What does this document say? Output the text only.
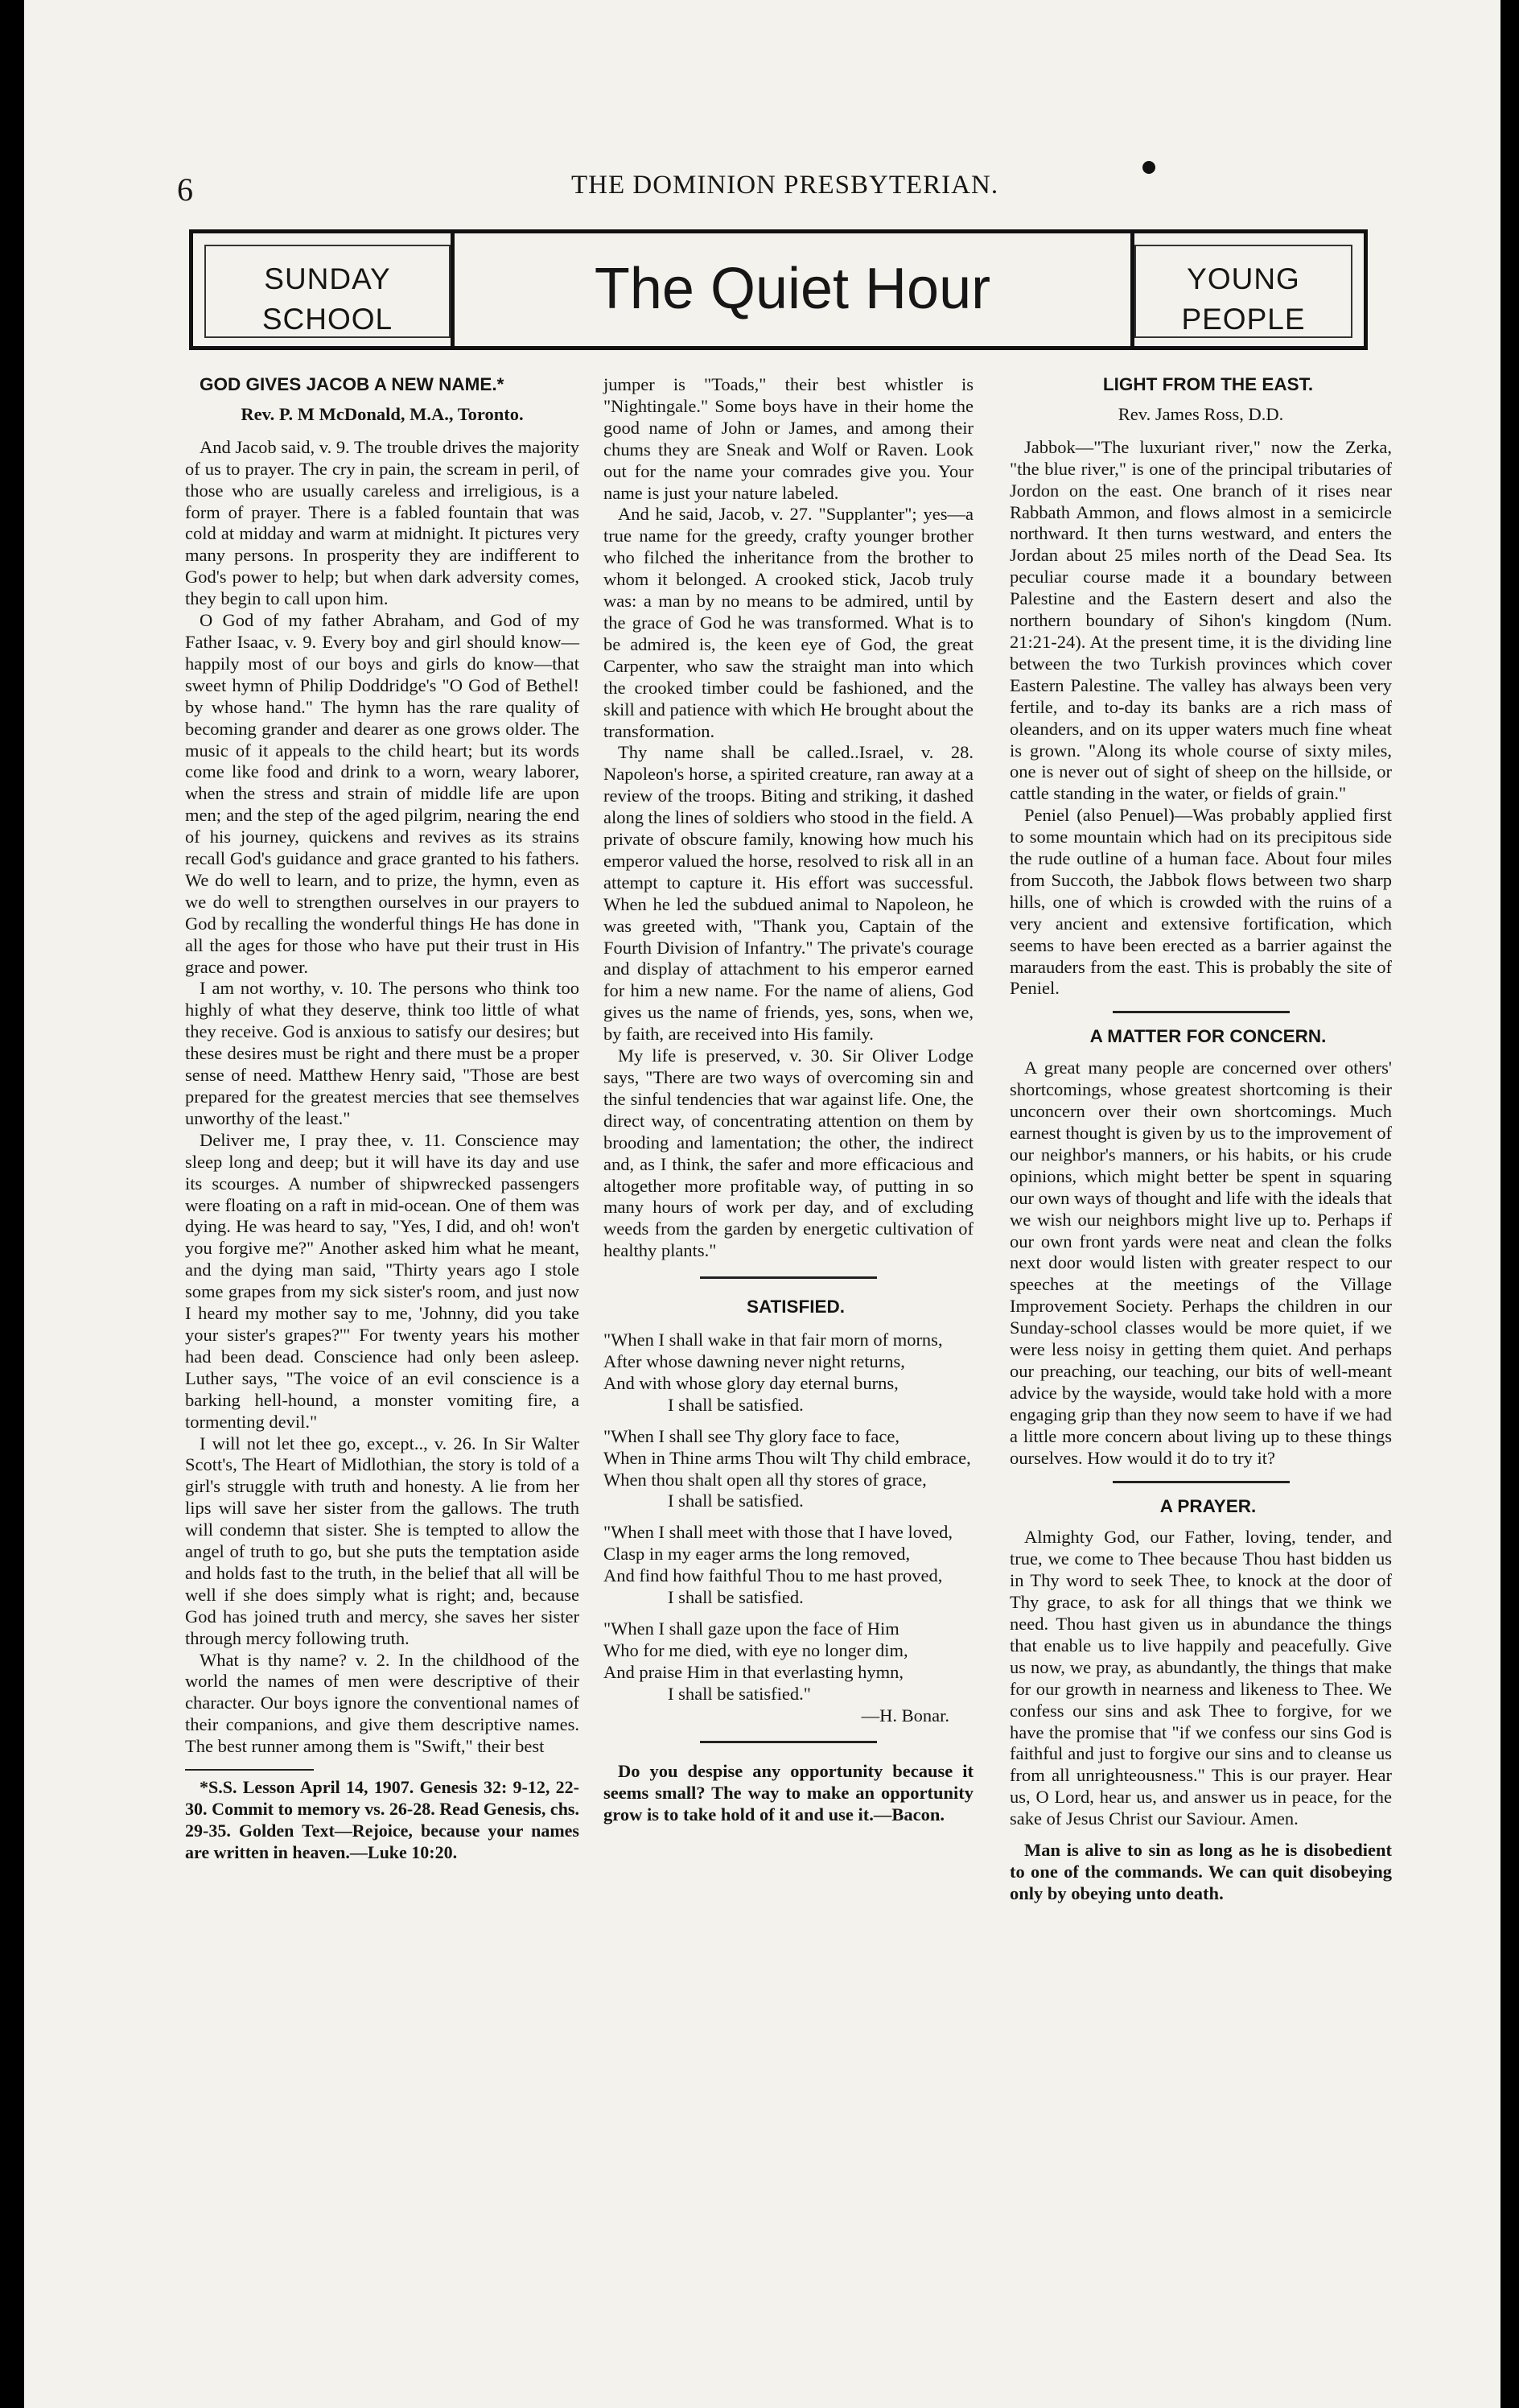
6	THE DOMINION PRESBYTERIAN.
SUNDAY
SCHOOL	The Quiet Hour	YOUNG
PEOPLE

GOD GIVES JACOB A NEW NAME.*

Rev. P. M McDonald, M.A., Toronto.

And Jacob said, v. 9. The trouble drives the majority of us to prayer. The cry in pain, the scream in peril, of those who are usually careless and irreligious, is a form of prayer. There is a fabled fountain that was cold at midday and warm at midnight. It pictures very many persons. In prosperity they are indifferent to God's power to help; but when dark adversity comes, they begin to call upon him.

O God of my father Abraham, and God of my Father Isaac, v. 9. Every boy and girl should know—happily most of our boys and girls do know—that sweet hymn of Philip Doddridge's "O God of Bethel! by whose hand." The hymn has the rare quality of becoming grander and dearer as one grows older. The music of it appeals to the child heart; but its words come like food and drink to a worn, weary laborer, when the stress and strain of middle life are upon men; and the step of the aged pilgrim, nearing the end of his journey, quickens and revives as its strains recall God's guidance and grace granted to his fathers. We do well to learn, and to prize, the hymn, even as we do well to strengthen ourselves in our prayers to God by recalling the wonderful things He has done in all the ages for those who have put their trust in His grace and power.

I am not worthy, v. 10. The persons who think too highly of what they deserve, think too little of what they receive. God is anxious to satisfy our desires; but these desires must be right and there must be a proper sense of need. Matthew Henry said, "Those are best prepared for the greatest mercies that see themselves unworthy of the least."

Deliver me, I pray thee, v. 11. Conscience may sleep long and deep; but it will have its day and use its scourges. A number of shipwrecked passengers were floating on a raft in mid-ocean. One of them was dying. He was heard to say, "Yes, I did, and oh! won't you forgive me?" Another asked him what he meant, and the dying man said, "Thirty years ago I stole some grapes from my sick sister's room, and just now I heard my mother say to me, 'Johnny, did you take your sister's grapes?'" For twenty years his mother had been dead. Conscience had only been asleep. Luther says, "The voice of an evil conscience is a barking hell-hound, a monster vomiting fire, a tormenting devil."

I will not let thee go, except.., v. 26. In Sir Walter Scott's, The Heart of Midlothian, the story is told of a girl's struggle with truth and honesty. A lie from her lips will save her sister from the gallows. The truth will condemn that sister. She is tempted to allow the angel of truth to go, but she puts the temptation aside and holds fast to the truth, in the belief that all will be well if she does simply what is right; and, because God has joined truth and mercy, she saves her sister through mercy following truth.

What is thy name? v. 2. In the childhood of the world the names of men were descriptive of their character. Our boys ignore the conventional names of their companions, and give them descriptive names. The best runner among them is "Swift," their best

*S.S. Lesson April 14, 1907. Genesis 32: 9-12, 22-30. Commit to memory vs. 26-28. Read Genesis, chs. 29-35. Golden Text—Rejoice, because your names are written in heaven.—Luke 10:20.

jumper is "Toads," their best whistler is "Nightingale." Some boys have in their home the good name of John or James, and among their chums they are Sneak and Wolf or Raven. Look out for the name your comrades give you. Your name is just your nature labeled.

And he said, Jacob, v. 27. "Supplanter"; yes—a true name for the greedy, crafty younger brother who filched the inheritance from the brother to whom it belonged. A crooked stick, Jacob truly was: a man by no means to be admired, until by the grace of God he was transformed. What is to be admired is, the keen eye of God, the great Carpenter, who saw the straight man into which the crooked timber could be fashioned, and the skill and patience with which He brought about the transformation.

Thy name shall be called..Israel, v. 28. Napoleon's horse, a spirited creature, ran away at a review of the troops. Biting and striking, it dashed along the lines of soldiers who stood in the field. A private of obscure family, knowing how much his emperor valued the horse, resolved to risk all in an attempt to capture it. His effort was successful. When he led the subdued animal to Napoleon, he was greeted with, "Thank you, Captain of the Fourth Division of Infantry." The private's courage and display of attachment to his emperor earned for him a new name. For the name of aliens, God gives us the name of friends, yes, sons, when we, by faith, are received into His family.

My life is preserved, v. 30. Sir Oliver Lodge says, "There are two ways of overcoming sin and the sinful tendencies that war against life. One, the direct way, of concentrating attention on them by brooding and lamentation; the other, the indirect and, as I think, the safer and more efficacious and altogether more profitable way, of putting in so many hours of work per day, and of excluding weeds from the garden by energetic cultivation of healthy plants."

SATISFIED.

"When I shall wake in that fair morn of morns,
After whose dawning never night returns,
And with whose glory day eternal burns,
I shall be satisfied.
"When I shall see Thy glory face to face,
When in Thine arms Thou wilt Thy child embrace,
When thou shalt open all thy stores of grace,
I shall be satisfied.
"When I shall meet with those that I have loved,
Clasp in my eager arms the long removed,
And find how faithful Thou to me hast proved,
I shall be satisfied.
"When I shall gaze upon the face of Him
Who for me died, with eye no longer dim,
And praise Him in that everlasting hymn,
I shall be satisfied."
—H. Bonar.

Do you despise any opportunity because it seems small? The way to make an opportunity grow is to take hold of it and use it.—Bacon.

LIGHT FROM THE EAST.

Rev. James Ross, D.D.

Jabbok—"The luxuriant river," now the Zerka, "the blue river," is one of the principal tributaries of Jordon on the east. One branch of it rises near Rabbath Ammon, and flows almost in a semicircle northward. It then turns westward, and enters the Jordan about 25 miles north of the Dead Sea. Its peculiar course made it a boundary between Palestine and the Eastern desert and also the northern boundary of Sihon's kingdom (Num. 21:21-24). At the present time, it is the dividing line between the two Turkish provinces which cover Eastern Palestine. The valley has always been very fertile, and to-day its banks are a rich mass of oleanders, and on its upper waters much fine wheat is grown. "Along its whole course of sixty miles, one is never out of sight of sheep on the hillside, or cattle standing in the water, or fields of grain."

Peniel (also Penuel)—Was probably applied first to some mountain which had on its precipitous side the rude outline of a human face. About four miles from Succoth, the Jabbok flows between two sharp hills, one of which is crowded with the ruins of a very ancient and extensive fortification, which seems to have been erected as a barrier against the marauders from the east. This is probably the site of Peniel.

A MATTER FOR CONCERN.

A great many people are concerned over others' shortcomings, whose greatest shortcoming is their unconcern over their own shortcomings. Much earnest thought is given by us to the improvement of our neighbor's manners, or his habits, or his crude opinions, which might better be spent in squaring our own ways of thought and life with the ideals that we wish our neighbors might live up to. Perhaps if our own front yards were neat and clean the folks next door would listen with greater respect to our speeches at the meetings of the Village Improvement Society. Perhaps the children in our Sunday-school classes would be more quiet, if we were less noisy in getting them quiet. And perhaps our preaching, our teaching, our bits of well-meant advice by the wayside, would take hold with a more engaging grip than they now seem to have if we had a little more concern about living up to these things ourselves. How would it do to try it?

A PRAYER.

Almighty God, our Father, loving, tender, and true, we come to Thee because Thou hast bidden us in Thy word to seek Thee, to knock at the door of Thy grace, to ask for all things that we think we need. Thou hast given us in abundance the things that enable us to live happily and peacefully. Give us now, we pray, as abundantly, the things that make for our growth in nearness and likeness to Thee. We confess our sins and ask Thee to forgive, for we have the promise that "if we confess our sins God is faithful and just to forgive our sins and to cleanse us from all unrighteousness." This is our prayer. Hear us, O Lord, hear us, and answer us in peace, for the sake of Jesus Christ our Saviour. Amen.

Man is alive to sin as long as he is disobedient to one of the commands. We can quit disobeying only by obeying unto death.
